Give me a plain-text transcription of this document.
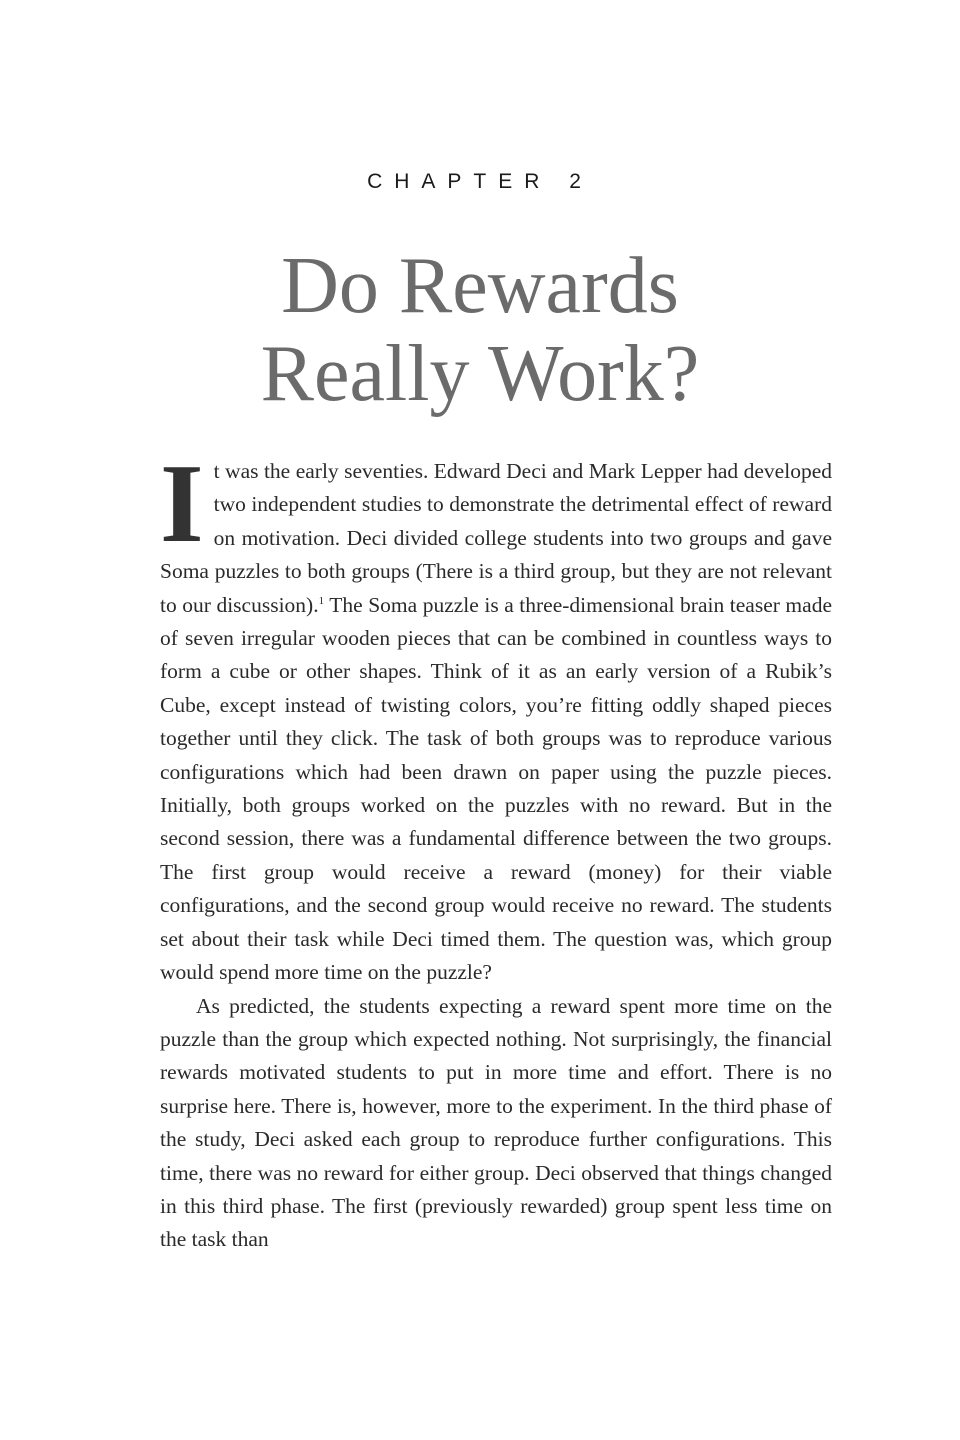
CHAPTER 2
Do Rewards
Really Work?

It was the early seventies. Edward Deci and Mark Lepper had developed two independent studies to demonstrate the detrimental effect of reward on motivation. Deci divided college students into two groups and gave Soma puzzles to both groups (There is a third group, but they are not relevant to our discussion).$^1$ The Soma puzzle is a three-dimensional brain teaser made of seven irregular wooden pieces that can be combined in countless ways to form a cube or other shapes. Think of it as an early version of a Rubik’s Cube, except instead of twisting colors, you’re fitting oddly shaped pieces together until they click. The task of both groups was to reproduce various configurations which had been drawn on paper using the puzzle pieces. Initially, both groups worked on the puzzles with no reward. But in the second session, there was a fundamental difference between the two groups. The first group would receive a reward (money) for their viable configurations, and the second group would receive no reward. The students set about their task while Deci timed them. The question was, which group would spend more time on the puzzle?

As predicted, the students expecting a reward spent more time on the puzzle than the group which expected nothing. Not surprisingly, the financial rewards motivated students to put in more time and effort. There is no surprise here. There is, however, more to the experiment. In the third phase of the study, Deci asked each group to reproduce further configurations. This time, there was no reward for either group. Deci observed that things changed in this third phase. The first (previously rewarded) group spent less time on the task than
